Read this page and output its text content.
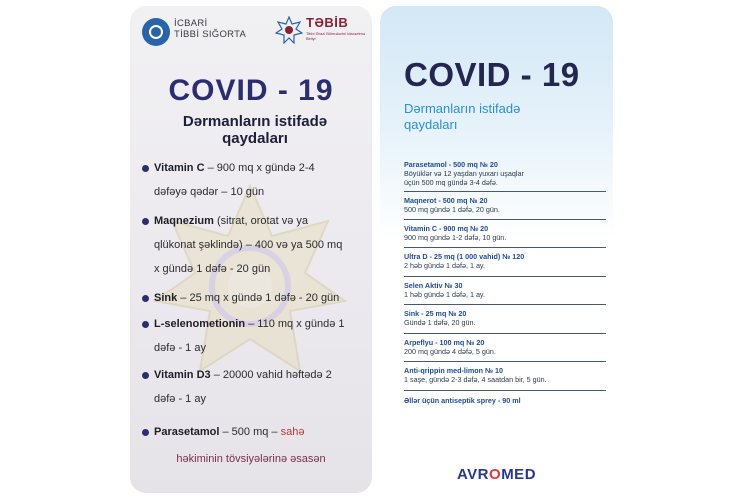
İCBARİ
TİBBİ SIĞORTA
TƏBİB
Tibbi Ərazi Bölmələrini İdarəetmə Birliyi
COVID - 19
Dərmanların istifadə qaydaları
Vitamin C – 900 mq x gündə 2-4
dəfəyə qədər – 10 gün
Maqnezium (sitrat, orotat və ya
qlükonat şəklində) – 400 və ya 500 mq
x gündə 1 dəfə - 20 gün
Sink – 25 mq x gündə 1 dəfə - 20 gün
L-selenometionin – 110 mq x gündə 1
dəfə - 1 ay
Vitamin D3 – 20000 vahid həftədə 2
dəfə - 1 ay
Parasetamol – 500 mq – sahə
həkiminin tövsiyələrinə əsasən
COVID - 19
Dərmanların istifadə qaydaları
Parasetamol - 500 mq № 20
Böyüklər və 12 yaşdan yuxarı uşaqlar
üçün 500 mq gündə 3-4 dəfə.
Maqnerot - 500 mq № 20
500 mq gündə 1 dəfə, 20 gün.
Vitamin C - 900 mq № 20
900 mq gündə 1-2 dəfə, 10 gün.
Ultra D - 25 mq (1 000 vahid) № 120
2 həb gündə 1 dəfə, 1 ay.
Selen Aktiv № 30
1 həb gündə 1 dəfə, 1 ay.
Sink - 25 mq № 20
Gündə 1 dəfə, 20 gün.
Arpeflyu - 100 mq № 20
200 mq gündə 4 dəfə, 5 gün.
Anti-qrippin med-limon № 10
1 saşe, gündə 2-3 dəfə, 4 saatdan bir, 5 gün.
Əllər üçün antiseptik sprey - 90 ml
AVROMED
